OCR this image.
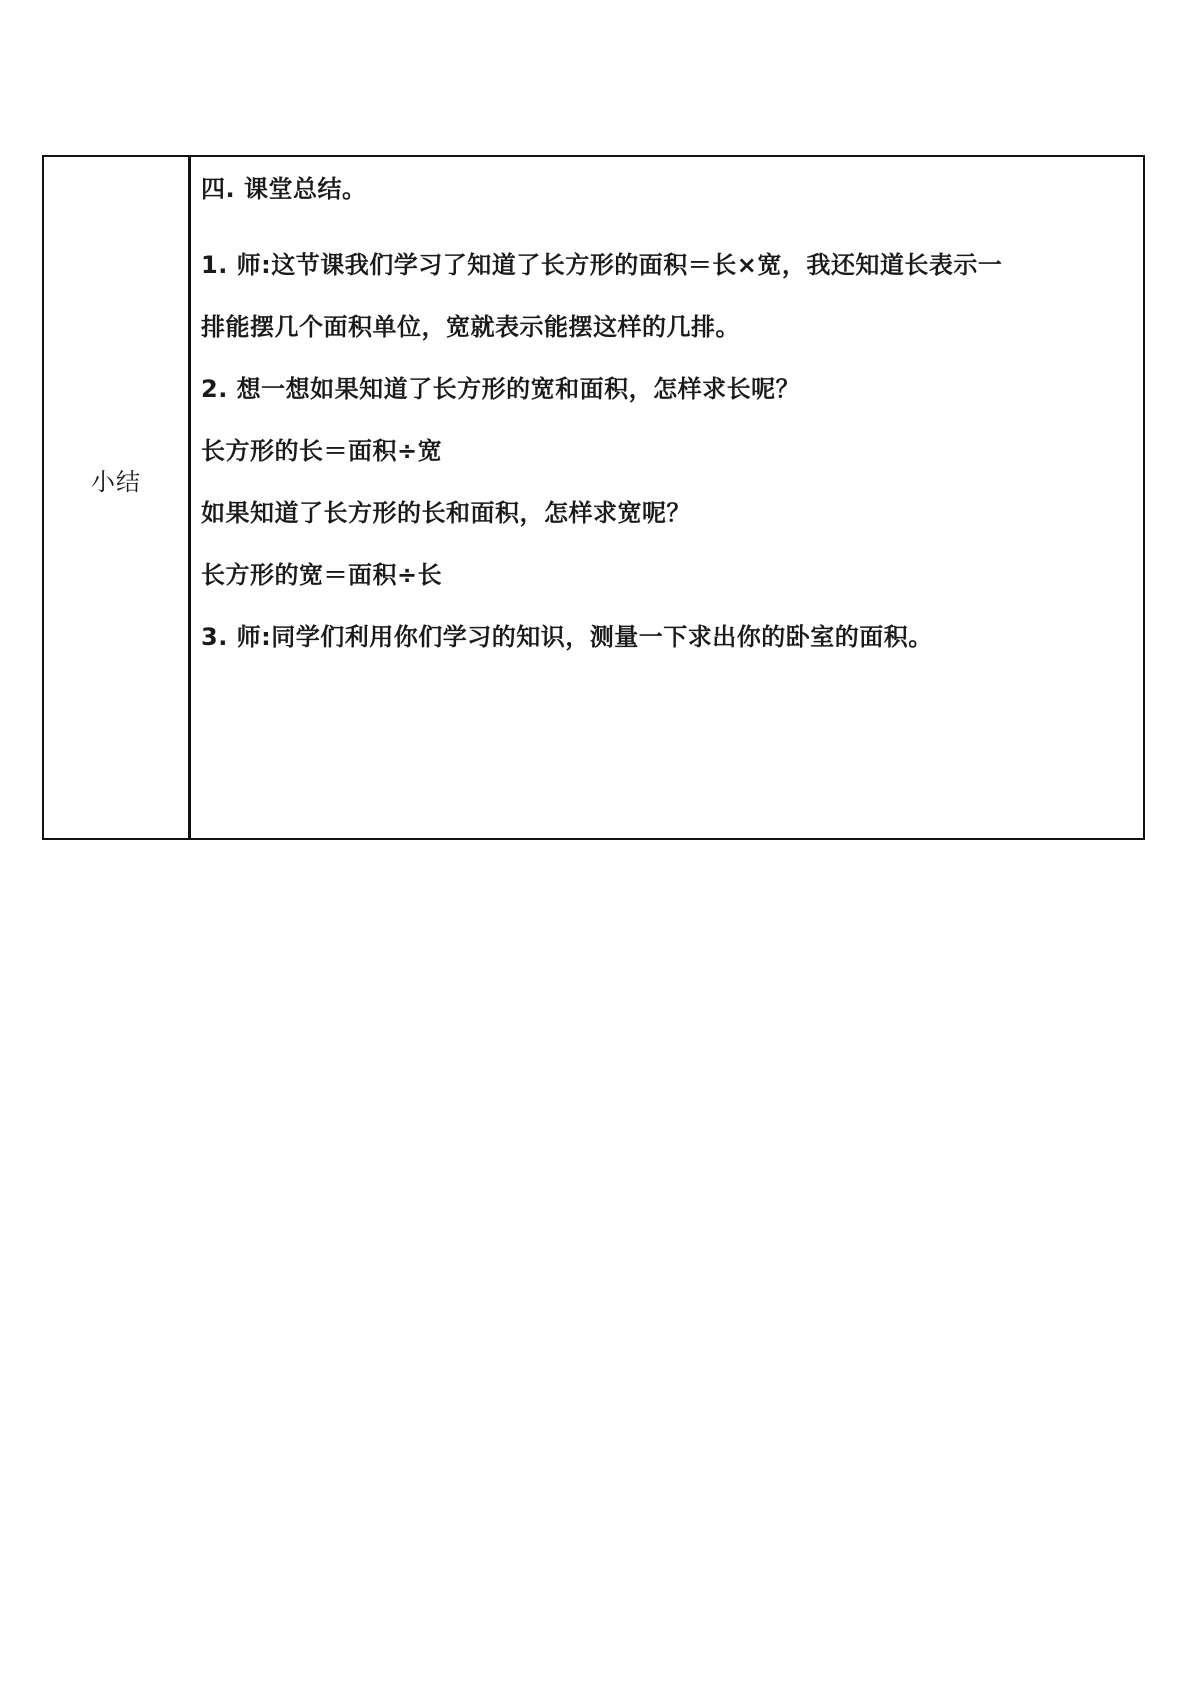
小结
四. 课堂总结。
1. 师:这节课我们学习了知道了长方形的面积＝长×宽，我还知道长表示一
排能摆几个面积单位，宽就表示能摆这样的几排。
2. 想一想如果知道了长方形的宽和面积，怎样求长呢？
长方形的长＝面积÷宽
如果知道了长方形的长和面积，怎样求宽呢？
长方形的宽＝面积÷长
3. 师:同学们利用你们学习的知识，测量一下求出你的卧室的面积。
